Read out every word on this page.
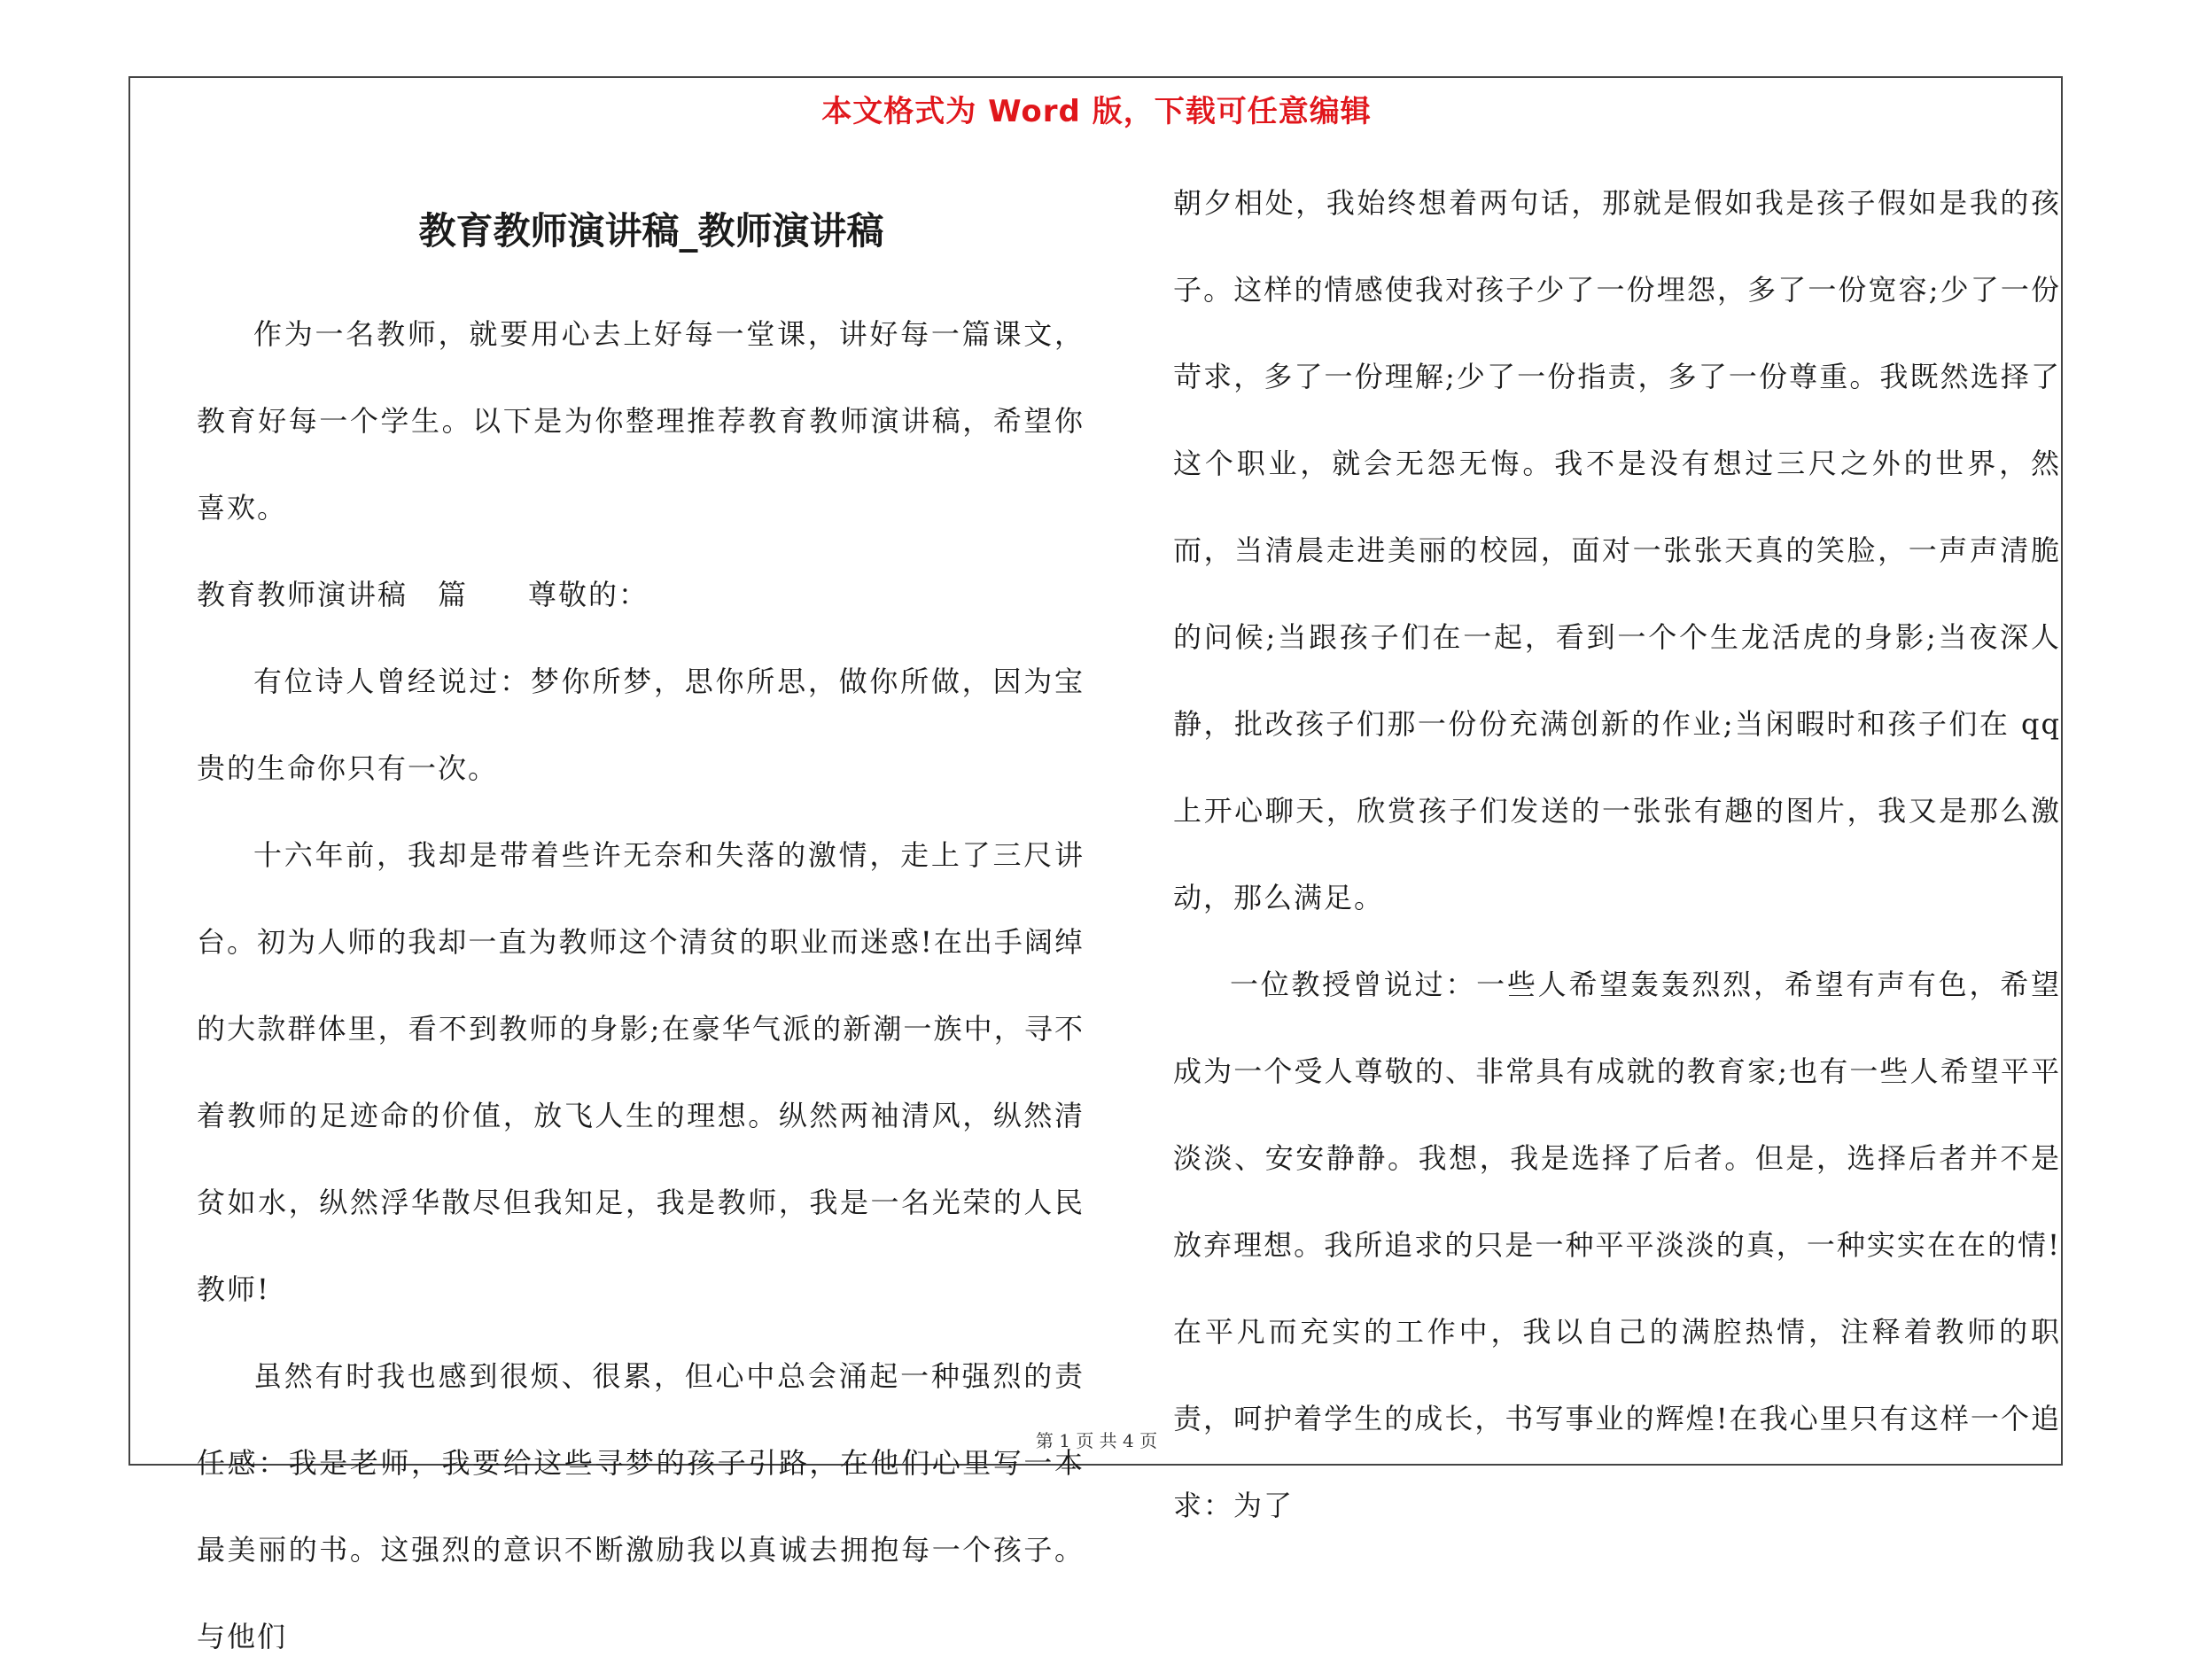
本文格式为 Word 版，下载可任意编辑
教育教师演讲稿_教师演讲稿

作为一名教师，就要用心去上好每一堂课，讲好每一篇课文，教育好每一个学生。以下是为你整理推荐教育教师演讲稿，希望你喜欢。

教育教师演讲稿　篇　　尊敬的：

有位诗人曾经说过：梦你所梦，思你所思，做你所做，因为宝贵的生命你只有一次。

十六年前，我却是带着些许无奈和失落的激情，走上了三尺讲台。初为人师的我却一直为教师这个清贫的职业而迷惑!在出手阔绰的大款群体里，看不到教师的身影;在豪华气派的新潮一族中，寻不着教师的足迹命的价值，放飞人生的理想。纵然两袖清风，纵然清贫如水，纵然浮华散尽但我知足，我是教师，我是一名光荣的人民教师!

虽然有时我也感到很烦、很累，但心中总会涌起一种强烈的责任感：我是老师，我要给这些寻梦的孩子引路，在他们心里写一本最美丽的书。这强烈的意识不断激励我以真诚去拥抱每一个孩子。与他们

朝夕相处，我始终想着两句话，那就是假如我是孩子假如是我的孩子。这样的情感使我对孩子少了一份埋怨，多了一份宽容;少了一份苛求，多了一份理解;少了一份指责，多了一份尊重。我既然选择了这个职业，就会无怨无悔。我不是没有想过三尺之外的世界，然而，当清晨走进美丽的校园，面对一张张天真的笑脸，一声声清脆的问候;当跟孩子们在一起，看到一个个生龙活虎的身影;当夜深人静，批改孩子们那一份份充满创新的作业;当闲暇时和孩子们在 qq 上开心聊天，欣赏孩子们发送的一张张有趣的图片，我又是那么激动，那么满足。

一位教授曾说过：一些人希望轰轰烈烈，希望有声有色，希望成为一个受人尊敬的、非常具有成就的教育家;也有一些人希望平平淡淡、安安静静。我想，我是选择了后者。但是，选择后者并不是放弃理想。我所追求的只是一种平平淡淡的真，一种实实在在的情!在平凡而充实的工作中，我以自己的满腔热情，注释着教师的职责，呵护着学生的成长，书写事业的辉煌!在我心里只有这样一个追求：为了

第 1 页 共 4 页
